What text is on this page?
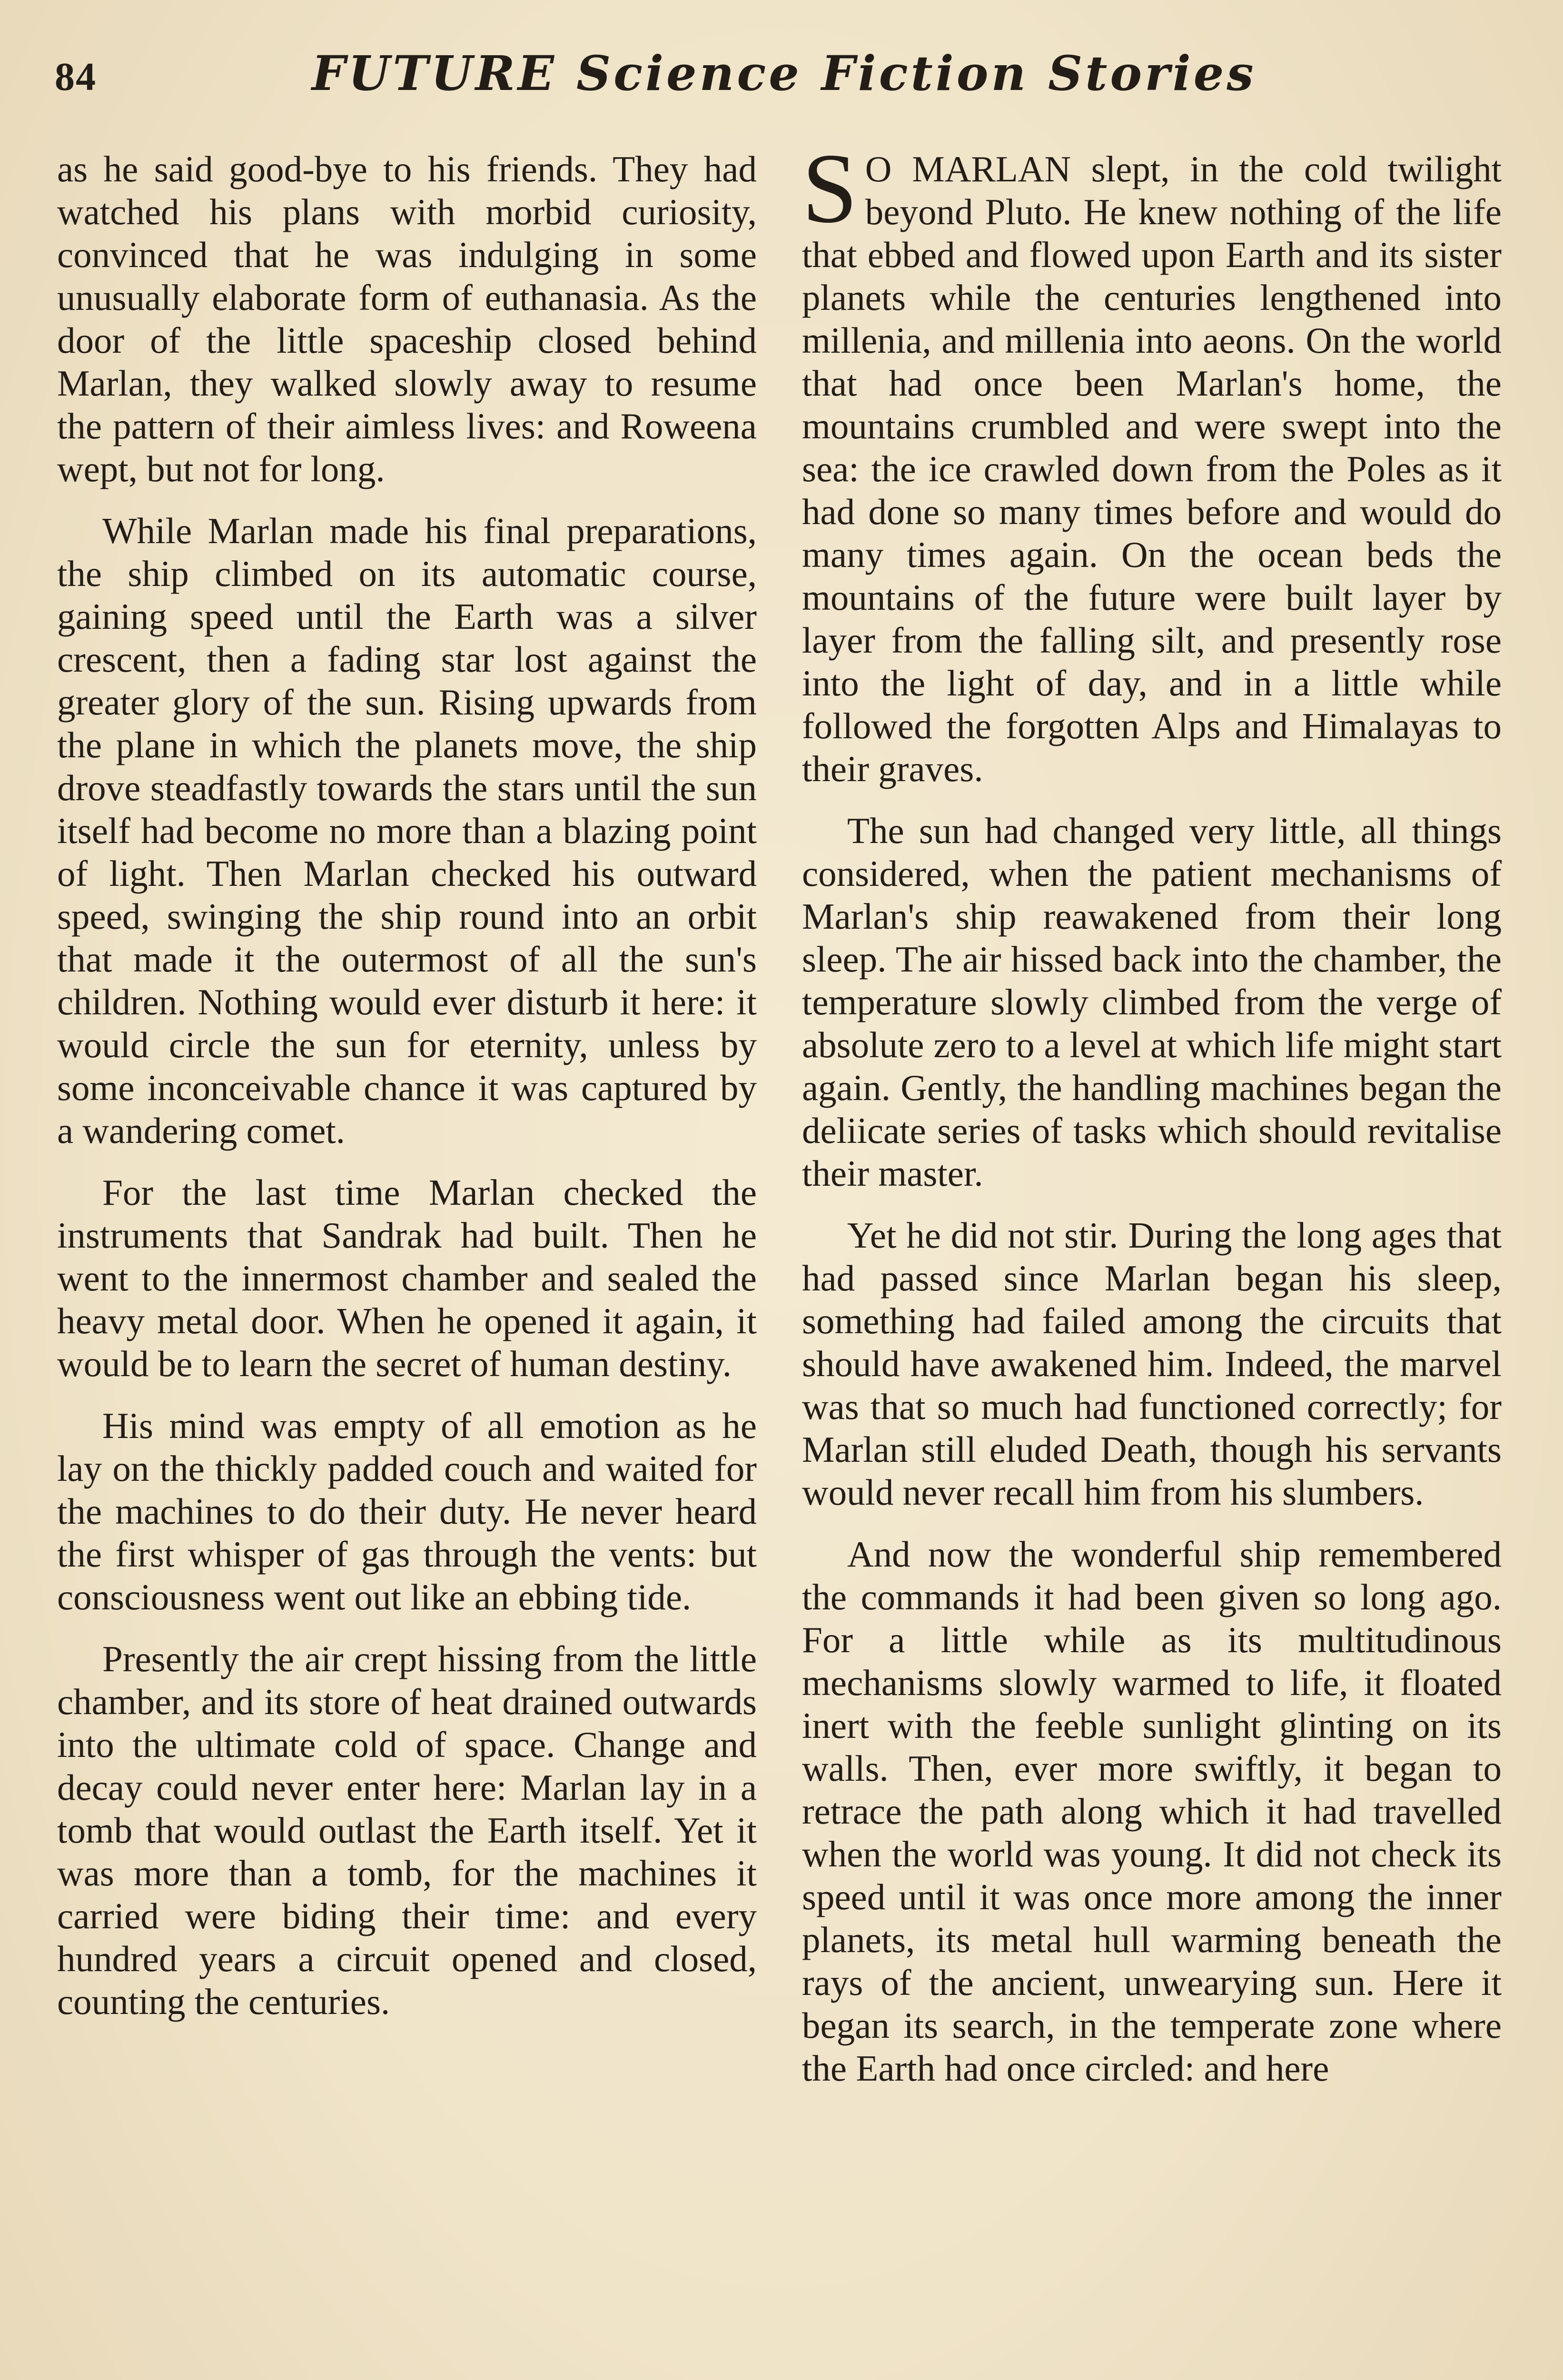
84	FUTURE Science Fiction Stories

as he said good-bye to his friends. They had watched his plans with morbid curiosity, convinced that he was indulging in some unusually elaborate form of euthanasia. As the door of the little spaceship closed behind Marlan, they walked slowly away to resume the pattern of their aimless lives: and Roweena wept, but not for long.

While Marlan made his final preparations, the ship climbed on its automatic course, gaining speed until the Earth was a silver crescent, then a fading star lost against the greater glory of the sun. Rising upwards from the plane in which the planets move, the ship drove steadfastly towards the stars until the sun itself had become no more than a blazing point of light. Then Marlan checked his outward speed, swinging the ship round into an orbit that made it the outermost of all the sun's children. Nothing would ever disturb it here: it would circle the sun for eternity, unless by some inconceivable chance it was captured by a wandering comet.

For the last time Marlan checked the instruments that Sandrak had built. Then he went to the innermost chamber and sealed the heavy metal door. When he opened it again, it would be to learn the secret of human destiny.

His mind was empty of all emotion as he lay on the thickly padded couch and waited for the machines to do their duty. He never heard the first whisper of gas through the vents: but consciousness went out like an ebbing tide.

Presently the air crept hissing from the little chamber, and its store of heat drained outwards into the ultimate cold of space. Change and decay could never enter here: Marlan lay in a tomb that would outlast the Earth itself. Yet it was more than a tomb, for the machines it carried were biding their time: and every hundred years a circuit opened and closed, counting the centuries.

S O MARLAN slept, in the cold twilight beyond Pluto. He knew nothing of the life that ebbed and flowed upon Earth and its sister planets while the centuries lengthened into millenia, and millenia into aeons. On the world that had once been Marlan's home, the mountains crumbled and were swept into the sea: the ice crawled down from the Poles as it had done so many times before and would do many times again. On the ocean beds the mountains of the future were built layer by layer from the falling silt, and presently rose into the light of day, and in a little while followed the forgotten Alps and Himalayas to their graves.

The sun had changed very little, all things considered, when the patient mechanisms of Marlan's ship reawakened from their long sleep. The air hissed back into the chamber, the temperature slowly climbed from the verge of absolute zero to a level at which life might start again. Gently, the handling machines began the deliicate series of tasks which should revitalise their master.

Yet he did not stir. During the long ages that had passed since Marlan began his sleep, something had failed among the circuits that should have awakened him. Indeed, the marvel was that so much had functioned correctly; for Marlan still eluded Death, though his servants would never recall him from his slumbers.

And now the wonderful ship remembered the commands it had been given so long ago. For a little while as its multitudinous mechanisms slowly warmed to life, it floated inert with the feeble sunlight glinting on its walls. Then, ever more swiftly, it began to retrace the path along which it had travelled when the world was young. It did not check its speed until it was once more among the inner planets, its metal hull warming beneath the rays of the ancient, unwearying sun. Here it began its search, in the temperate zone where the Earth had once circled: and here
